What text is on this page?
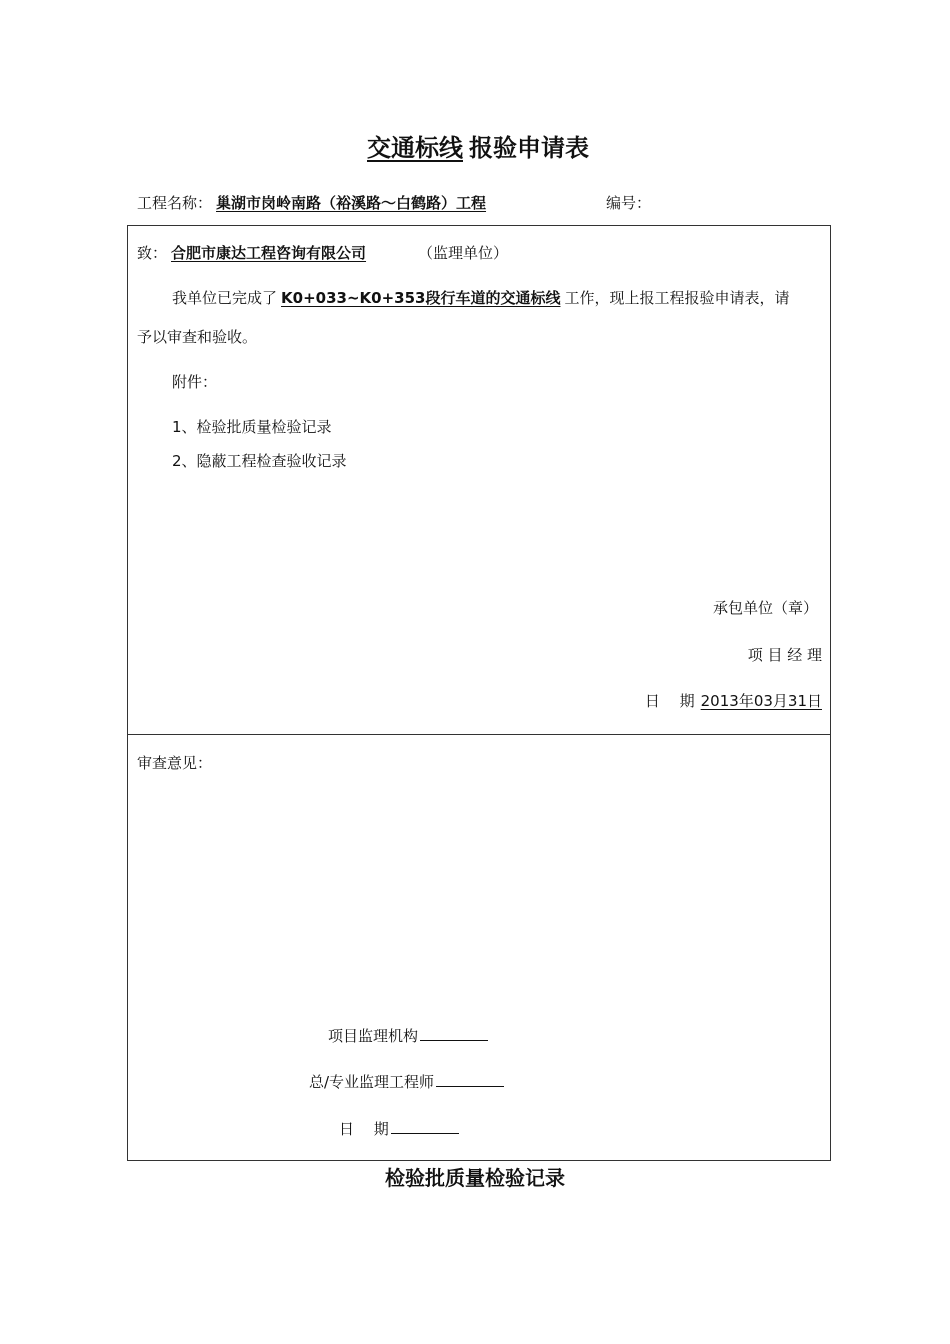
交通标线 报验申请表
工程名称： 巢湖市岗岭南路（裕溪路～白鹤路）工程	编号：
致： 合肥市康达工程咨询有限公司	（监理单位）
我单位已完成了 K0+033~K0+353段行车道的交通标线 工作，现上报工程报验申请表，请
予以审查和验收。
附件：
1、检验批质量检验记录
2、隐蔽工程检查验收记录
承包单位（章）
项 目 经 理
日　 期 2013年03月31日
审查意见：
项目监理机构
总/专业监理工程师
日　 期
检验批质量检验记录
